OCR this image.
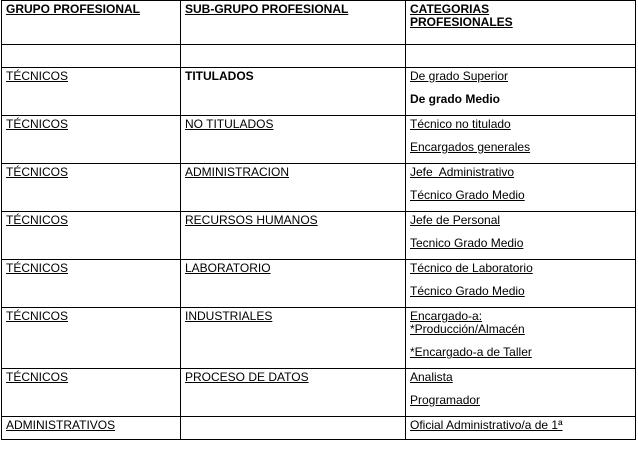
GRUPO PROFESIONAL	SUB-GRUPO PROFESIONAL	CATEGORIAS
PROFESIONALES

TÉCNICOS	TITULADOS	De grado Superior
De grado Medio

TÉCNICOS	NO TITULADOS	Técnico no titulado
Encargados generales

TÉCNICOS	ADMINISTRACION	Jefe  Administrativo
Técnico Grado Medio

TÉCNICOS	RECURSOS HUMANOS	Jefe de Personal
Tecnico Grado Medio

TÉCNICOS	LABORATORIO	Técnico de Laboratorio
Técnico Grado Medio

TÉCNICOS	INDUSTRIALES	Encargado-a:
*Producción/Almacén
*Encargado-a de Taller

TÉCNICOS	PROCESO DE DATOS	Analista
Programador

ADMINISTRATIVOS		Oficial Administrativo/a de 1ª
